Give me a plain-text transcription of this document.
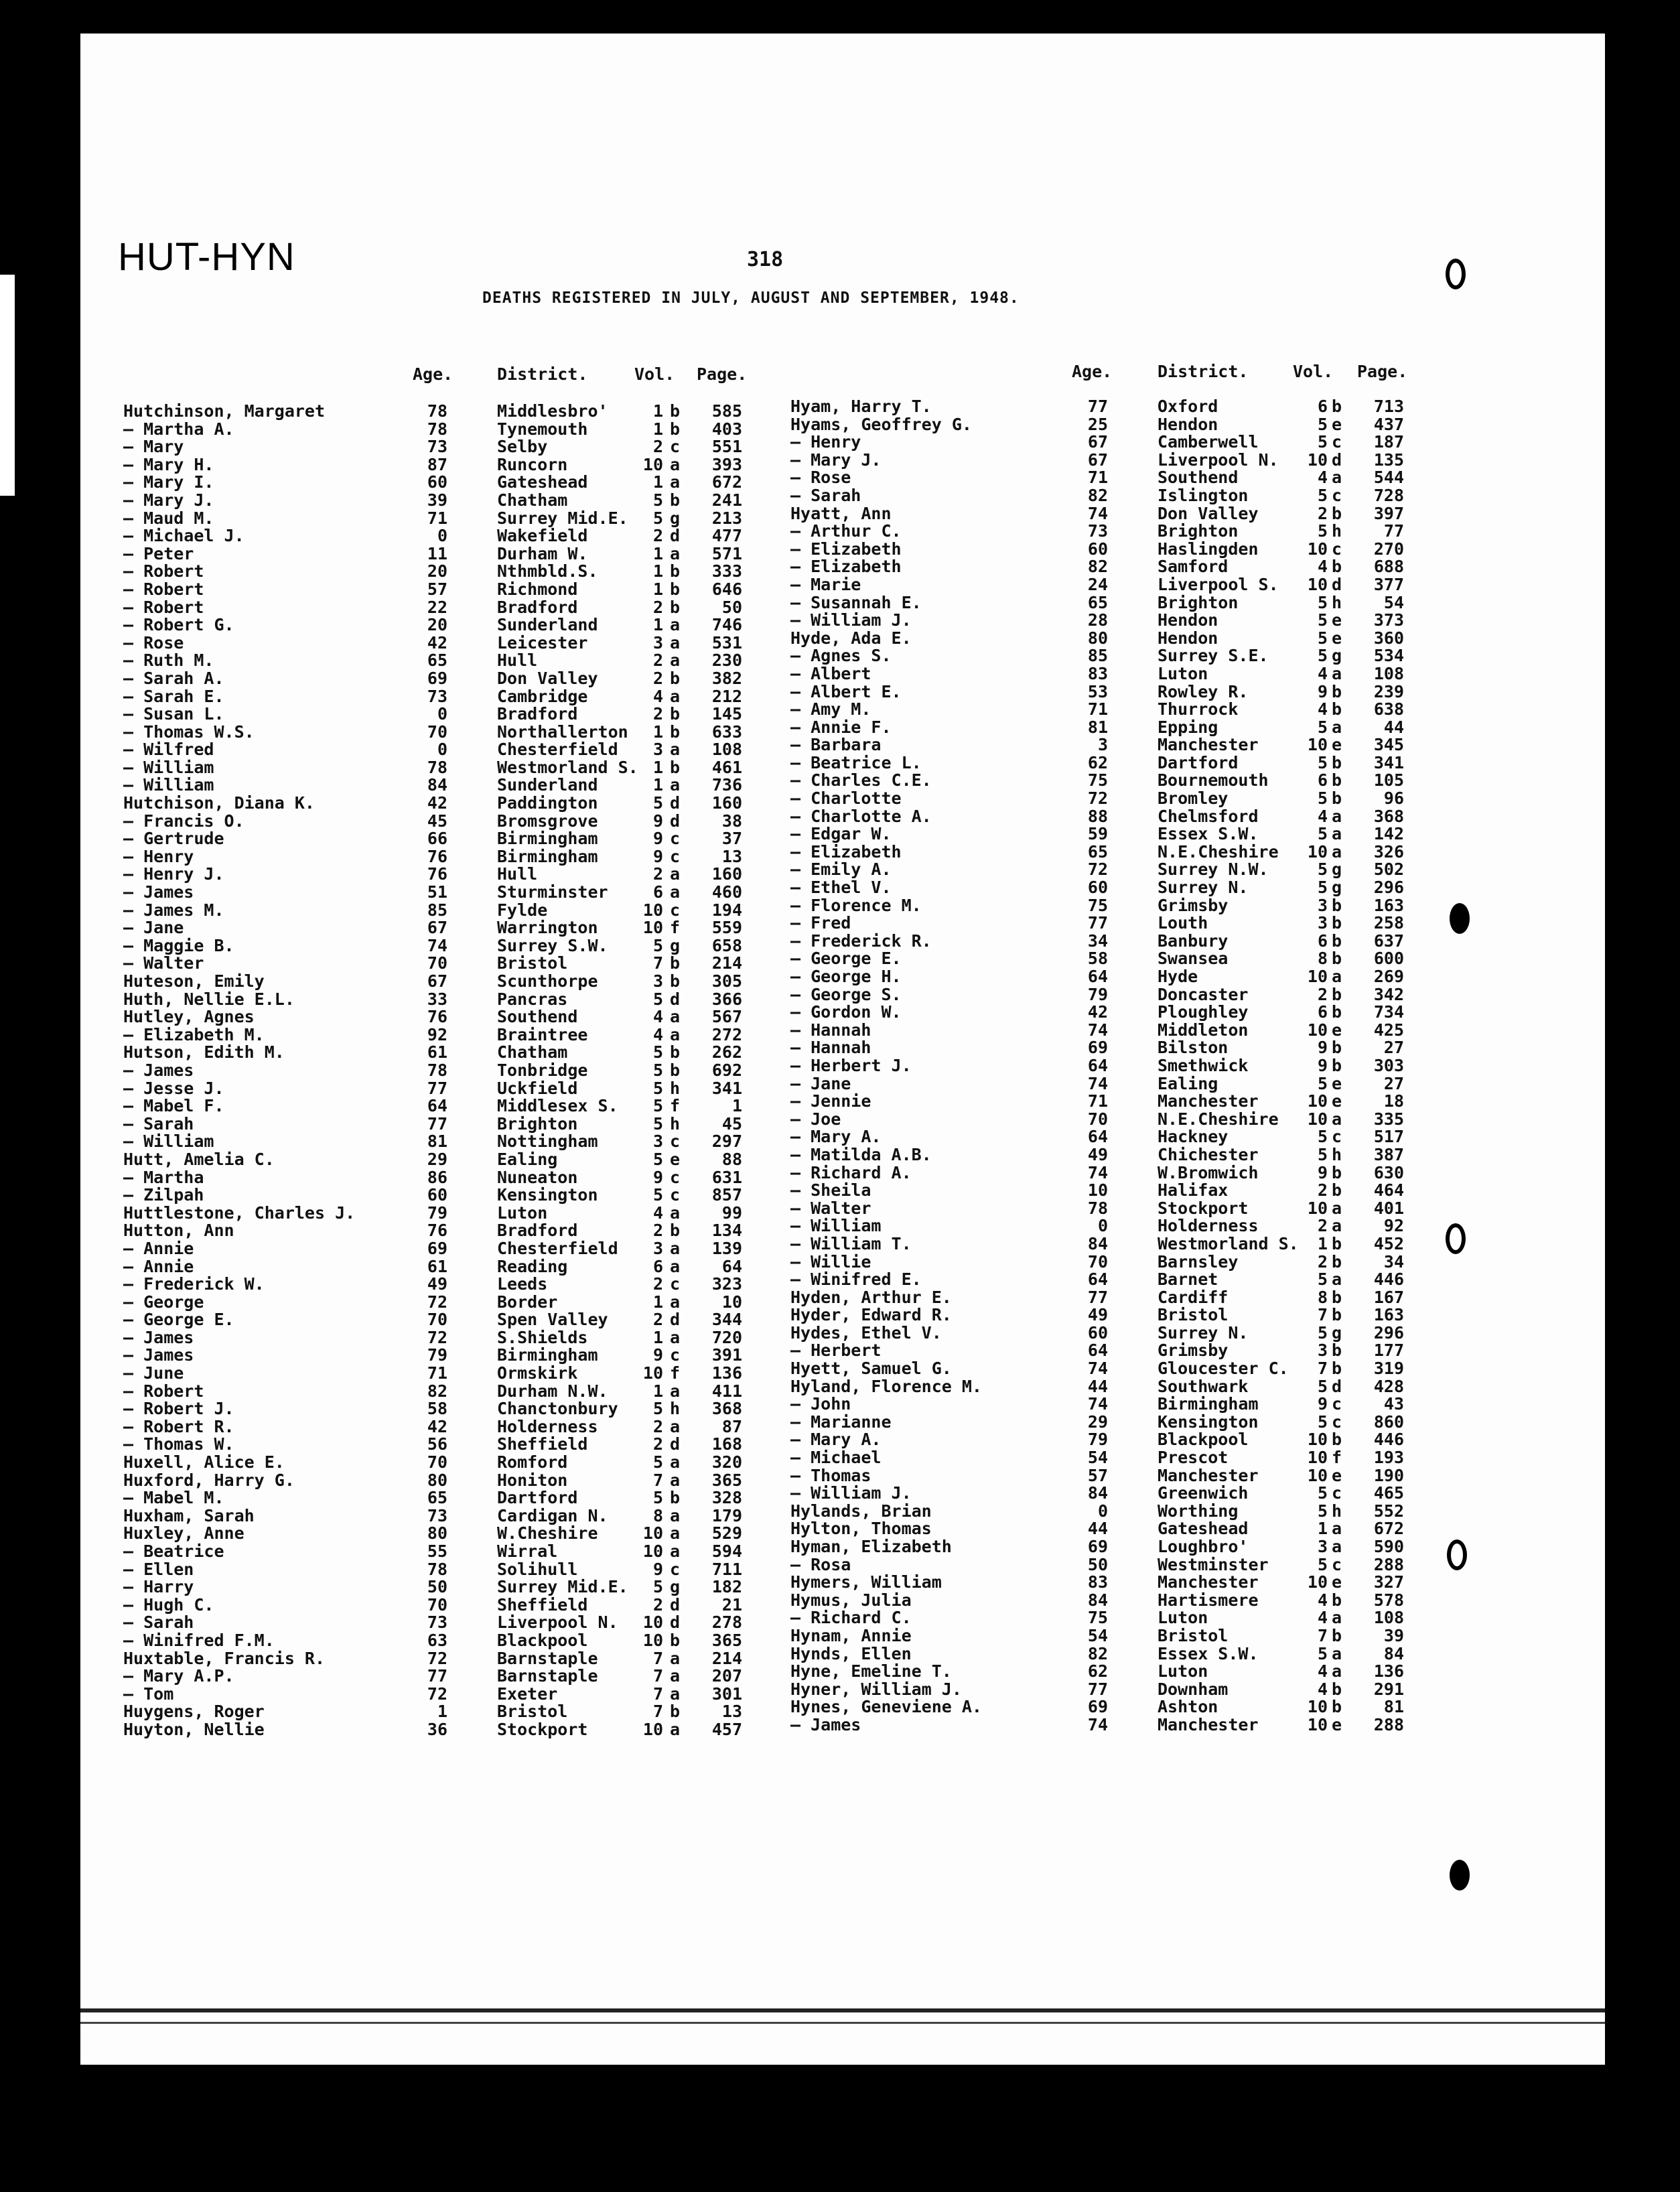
HUT-HYN	318
DEATHS REGISTERED IN JULY, AUGUST AND SEPTEMBER, 1948.
Age.	District.	Vol. Page.	Age.	District.	Vol. Page.
Hutchinson, Margaret	78	Middlesbro'	1 b	585
— Martha A.	78	Tynemouth	1 b	403
— Mary	73	Selby	2 c	551
— Mary H.	87	Runcorn	10 a	393
— Mary I.	60	Gateshead	1 a	672
— Mary J.	39	Chatham	5 b	241
— Maud M.	71	Surrey Mid.E.	5 g	213
— Michael J.	0	Wakefield	2 d	477
— Peter	11	Durham W.	1 a	571
— Robert	20	Nthmbld.S.	1 b	333
— Robert	57	Richmond	1 b	646
— Robert	22	Bradford	2 b	50
— Robert G.	20	Sunderland	1 a	746
— Rose	42	Leicester	3 a	531
— Ruth M.	65	Hull	2 a	230
— Sarah A.	69	Don Valley	2 b	382
— Sarah E.	73	Cambridge	4 a	212
— Susan L.	0	Bradford	2 b	145
— Thomas W.S.	70	Northallerton	1 b	633
— Wilfred	0	Chesterfield	3 a	108
— William	78	Westmorland S. 1 b	461
— William	84	Sunderland	1 a	736
Hutchison, Diana K.	42	Paddington	5 d	160
— Francis O.	45	Bromsgrove	9 d	38
— Gertrude	66	Birmingham	9 c	37
— Henry	76	Birmingham	9 c	13
— Henry J.	76	Hull	2 a	160
— James	51	Sturminster	6 a	460
— James M.	85	Fylde	10 c	194
— Jane	67	Warrington	10 f	559
— Maggie B.	74	Surrey S.W.	5 g	658
— Walter	70	Bristol	7 b	214
Huteson, Emily	67	Scunthorpe	3 b	305
Huth, Nellie E.L.	33	Pancras	5 d	366
Hutley, Agnes	76	Southend	4 a	567
— Elizabeth M.	92	Braintree	4 a	272
Hutson, Edith M.	61	Chatham	5 b	262
— James	78	Tonbridge	5 b	692
— Jesse J.	77	Uckfield	5 h	341
— Mabel F.	64	Middlesex S.	5 f	1
— Sarah	77	Brighton	5 h	45
— William	81	Nottingham	3 c	297
Hutt, Amelia C.	29	Ealing	5 e	88
— Martha	86	Nuneaton	9 c	631
— Zilpah	60	Kensington	5 c	857
Huttlestone, Charles J.	79	Luton	4 a	99
Hutton, Ann	76	Bradford	2 b	134
— Annie	69	Chesterfield	3 a	139
— Annie	61	Reading	6 a	64
— Frederick W.	49	Leeds	2 c	323
— George	72	Border	1 a	10
— George E.	70	Spen Valley	2 d	344
— James	72	S.Shields	1 a	720
— James	79	Birmingham	9 c	391
— June	71	Ormskirk	10 f	136
— Robert	82	Durham N.W.	1 a	411
— Robert J.	58	Chanctonbury	5 h	368
— Robert R.	42	Holderness	2 a	87
— Thomas W.	56	Sheffield	2 d	168
Huxell, Alice E.	70	Romford	5 a	320
Huxford, Harry G.	80	Honiton	7 a	365
— Mabel M.	65	Dartford	5 b	328
Huxham, Sarah	73	Cardigan N.	8 a	179
Huxley, Anne	80	W.Cheshire	10 a	529
— Beatrice	55	Wirral	10 a	594
— Ellen	78	Solihull	9 c	711
— Harry	50	Surrey Mid.E.	5 g	182
— Hugh C.	70	Sheffield	2 d	21
— Sarah	73	Liverpool N.	10 d	278
— Winifred F.M.	63	Blackpool	10 b	365
Huxtable, Francis R.	72	Barnstaple	7 a	214
— Mary A.P.	77	Barnstaple	7 a	207
— Tom	72	Exeter	7 a	301
Huygens, Roger	1	Bristol	7 b	13
Huyton, Nellie	36	Stockport	10 a	457
Hyam, Harry T.	77	Oxford	6 b	713
Hyams, Geoffrey G.	25	Hendon	5 e	437
— Henry	67	Camberwell	5 c	187
— Mary J.	67	Liverpool N.	10 d	135
— Rose	71	Southend	4 a	544
— Sarah	82	Islington	5 c	728
Hyatt, Ann	74	Don Valley	2 b	397
— Arthur C.	73	Brighton	5 h	77
— Elizabeth	60	Haslingden	10 c	270
— Elizabeth	82	Samford	4 b	688
— Marie	24	Liverpool S.	10 d	377
— Susannah E.	65	Brighton	5 h	54
— William J.	28	Hendon	5 e	373
Hyde, Ada E.	80	Hendon	5 e	360
— Agnes S.	85	Surrey S.E.	5 g	534
— Albert	83	Luton	4 a	108
— Albert E.	53	Rowley R.	9 b	239
— Amy M.	71	Thurrock	4 b	638
— Annie F.	81	Epping	5 a	44
— Barbara	3	Manchester	10 e	345
— Beatrice L.	62	Dartford	5 b	341
— Charles C.E.	75	Bournemouth	6 b	105
— Charlotte	72	Bromley	5 b	96
— Charlotte A.	88	Chelmsford	4 a	368
— Edgar W.	59	Essex S.W.	5 a	142
— Elizabeth	65	N.E.Cheshire	10 a	326
— Emily A.	72	Surrey N.W.	5 g	502
— Ethel V.	60	Surrey N.	5 g	296
— Florence M.	75	Grimsby	3 b	163
— Fred	77	Louth	3 b	258
— Frederick R.	34	Banbury	6 b	637
— George E.	58	Swansea	8 b	600
— George H.	64	Hyde	10 a	269
— George S.	79	Doncaster	2 b	342
— Gordon W.	42	Ploughley	6 b	734
— Hannah	74	Middleton	10 e	425
— Hannah	69	Bilston	9 b	27
— Herbert J.	64	Smethwick	9 b	303
— Jane	74	Ealing	5 e	27
— Jennie	71	Manchester	10 e	18
— Joe	70	N.E.Cheshire	10 a	335
— Mary A.	64	Hackney	5 c	517
— Matilda A.B.	49	Chichester	5 h	387
— Richard A.	74	W.Bromwich	9 b	630
— Sheila	10	Halifax	2 b	464
— Walter	78	Stockport	10 a	401
— William	0	Holderness	2 a	92
— William T.	84	Westmorland S.	1 b	452
— Willie	70	Barnsley	2 b	34
— Winifred E.	64	Barnet	5 a	446
Hyden, Arthur E.	77	Cardiff	8 b	167
Hyder, Edward R.	49	Bristol	7 b	163
Hydes, Ethel V.	60	Surrey N.	5 g	296
— Herbert	64	Grimsby	3 b	177
Hyett, Samuel G.	74	Gloucester C.	7 b	319
Hyland, Florence M.	44	Southwark	5 d	428
— John	74	Birmingham	9 c	43
— Marianne	29	Kensington	5 c	860
— Mary A.	79	Blackpool	10 b	446
— Michael	54	Prescot	10 f	193
— Thomas	57	Manchester	10 e	190
— William J.	84	Greenwich	5 c	465
Hylands, Brian	0	Worthing	5 h	552
Hylton, Thomas	44	Gateshead	1 a	672
Hyman, Elizabeth	69	Loughbro'	3 a	590
— Rosa	50	Westminster	5 c	288
Hymers, William	83	Manchester	10 e	327
Hymus, Julia	84	Hartismere	4 b	578
— Richard C.	75	Luton	4 a	108
Hynam, Annie	54	Bristol	7 b	39
Hynds, Ellen	82	Essex S.W.	5 a	84
Hyne, Emeline T.	62	Luton	4 a	136
Hyner, William J.	77	Downham	4 b	291
Hynes, Geneviene A.	69	Ashton	10 b	81
— James	74	Manchester	10 e	288
